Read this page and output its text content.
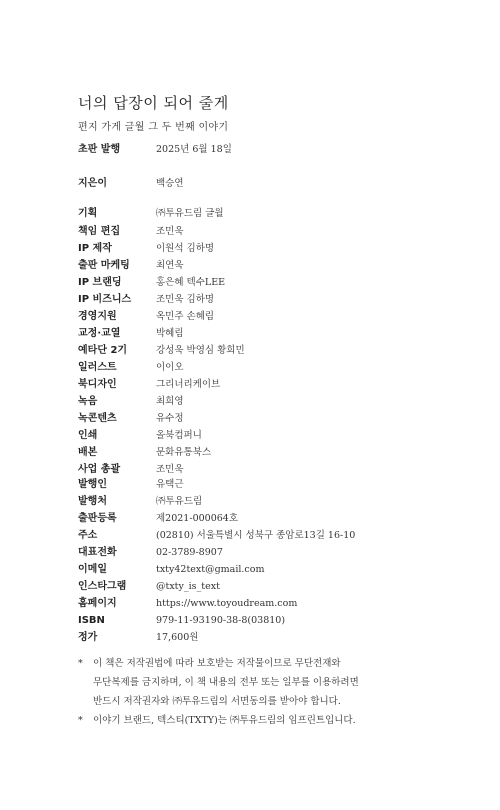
너의 답장이 되어 줄게
편지 가게 글월 그 두 번째 이야기
초판 발행	2025년 6월 18일
지은이	백승연
기획	㈜투유드림 글월
책임 편집	조민욱
IP 제작	이원석 김하명
출판 마케팅	최연욱
IP 브랜딩	홍은혜 텍수LEE
IP 비즈니스	조민욱 김하명
경영지원	옥민주 손혜림
교정·교열	박혜림
예타단 2기	강성욱 박영심 황희민
일러스트	이이오
북디자인	그리너리케이브
녹음	최희영
녹콘텐츠	유수정
인쇄	올북컴퍼니
배본	문화유통북스
사업 총괄	조민욱
발행인	유택근
발행처	㈜투유드림
출판등록	제2021-000064호
주소	(02810) 서울특별시 성북구 종암로13길 16-10
대표전화	02-3789-8907
이메일	txty42text@gmail.com
인스타그램	@txty_is_text
홈페이지	https://www.toyoudream.com
ISBN	979-11-93190-38-8(03810)
정가	17,600원
* 이 책은 저작권법에 따라 보호받는 저작물이므로 무단전재와
무단복제를 금지하며, 이 책 내용의 전부 또는 일부를 이용하려면
반드시 저작권자와 ㈜투유드림의 서면동의를 받아야 합니다.
* 이야기 브랜드, 텍스티(TXTY)는 ㈜투유드림의 임프린트입니다.
